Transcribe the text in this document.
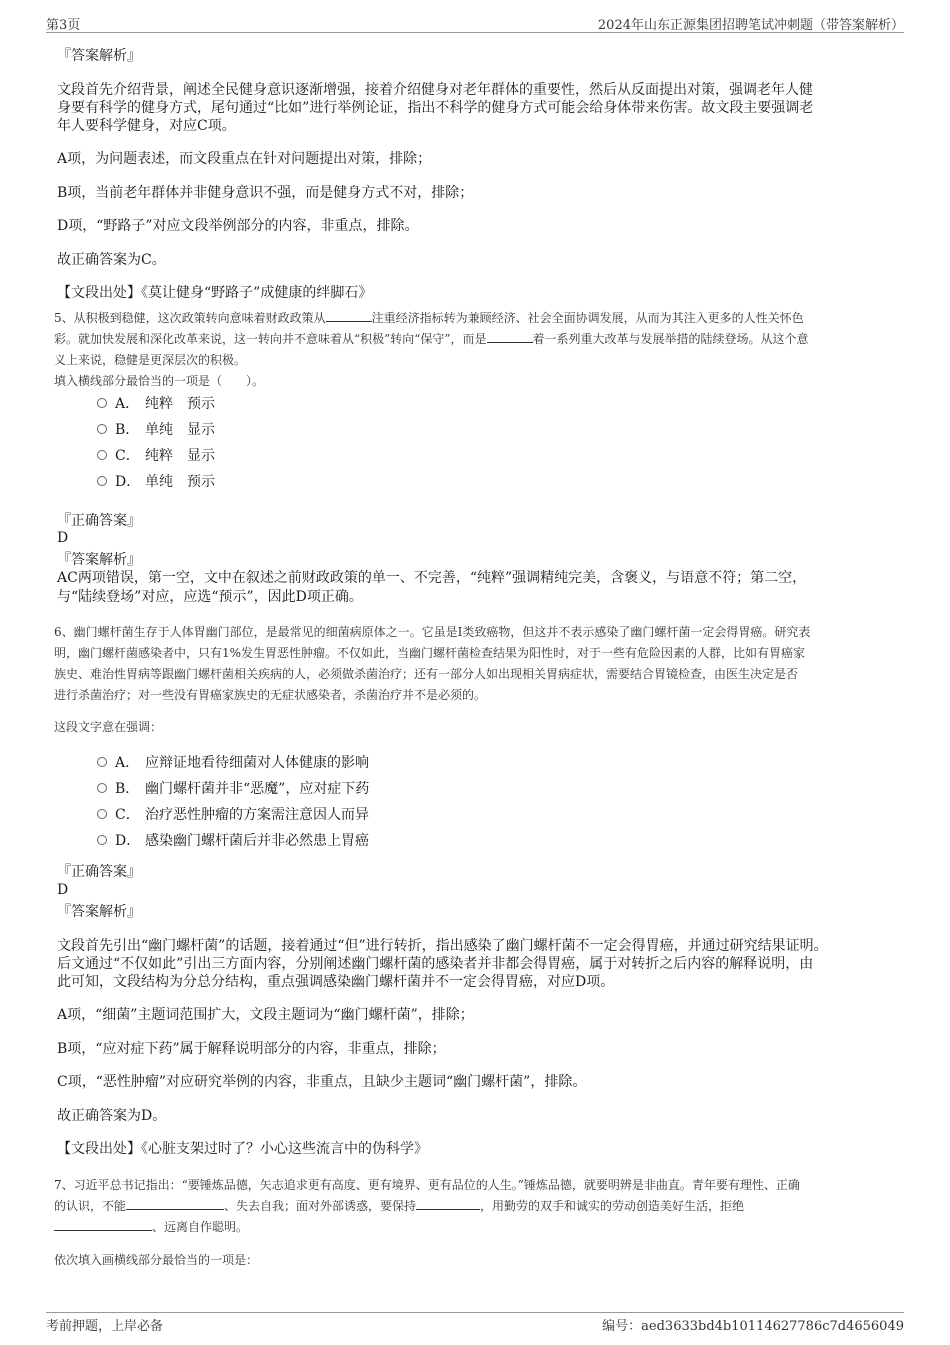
第3页	2024年山东正源集团招聘笔试冲刺题（带答案解析）
『答案解析』
文段首先介绍背景，阐述全民健身意识逐渐增强，接着介绍健身对老年群体的重要性，然后从反面提出对策，强调老年人健
身要有科学的健身方式，尾句通过“比如”进行举例论证，指出不科学的健身方式可能会给身体带来伤害。故文段主要强调老
年人要科学健身，对应C项。
A项，为问题表述，而文段重点在针对问题提出对策，排除；
B项，当前老年群体并非健身意识不强，而是健身方式不对，排除；
D项，“野路子”对应文段举例部分的内容，非重点，排除。
故正确答案为C。
【文段出处】《莫让健身“野路子”成健康的绊脚石》
5、从积极到稳健，这次政策转向意味着财政政策从	注重经济指标转为兼顾经济、社会全面协调发展，从而为其注入更多的人性关怀色
彩。就加快发展和深化改革来说，这一转向并不意味着从“积极”转向“保守”，而是	着一系列重大改革与发展举措的陆续登场。从这个意
义上来说，稳健是更深层次的积极。
填入横线部分最恰当的一项是（　　）。
A． 纯粹　预示
B． 单纯　显示
C． 纯粹　显示
D． 单纯　预示
『正确答案』
D
『答案解析』
AC两项错误，第一空，文中在叙述之前财政政策的单一、不完善，“纯粹”强调精纯完美，含褒义，与语意不符；第二空，
与“陆续登场”对应，应选“预示”，因此D项正确。
6、幽门螺杆菌生存于人体胃幽门部位，是最常见的细菌病原体之一。它虽是Ⅰ类致癌物，但这并不表示感染了幽门螺杆菌一定会得胃癌。研究表
明，幽门螺杆菌感染者中，只有1%发生胃恶性肿瘤。不仅如此，当幽门螺杆菌检查结果为阳性时，对于一些有危险因素的人群，比如有胃癌家
族史、难治性胃病等跟幽门螺杆菌相关疾病的人，必须做杀菌治疗；还有一部分人如出现相关胃病症状，需要结合胃镜检查，由医生决定是否
进行杀菌治疗；对一些没有胃癌家族史的无症状感染者，杀菌治疗并不是必须的。
这段文字意在强调：
A． 应辩证地看待细菌对人体健康的影响
B． 幽门螺杆菌并非“恶魔”，应对症下药
C． 治疗恶性肿瘤的方案需注意因人而异
D． 感染幽门螺杆菌后并非必然患上胃癌
『正确答案』
D
『答案解析』
文段首先引出“幽门螺杆菌”的话题，接着通过“但”进行转折，指出感染了幽门螺杆菌不一定会得胃癌，并通过研究结果证明。
后文通过“不仅如此”引出三方面内容，分别阐述幽门螺杆菌的感染者并非都会得胃癌，属于对转折之后内容的解释说明，由
此可知，文段结构为分总分结构，重点强调感染幽门螺杆菌并不一定会得胃癌，对应D项。
A项，“细菌”主题词范围扩大，文段主题词为“幽门螺杆菌”，排除；
B项，“应对症下药”属于解释说明部分的内容，非重点，排除；
C项，“恶性肿瘤”对应研究举例的内容，非重点，且缺少主题词“幽门螺杆菌”，排除。
故正确答案为D。
【文段出处】《心脏支架过时了？小心这些流言中的伪科学》
7、习近平总书记指出：“要锤炼品德，矢志追求更有高度、更有境界、更有品位的人生。”锤炼品德，就要明辨是非曲直。青年要有理性、正确
的认识，不能	、失去自我；面对外部诱惑，要保持	，用勤劳的双手和诚实的劳动创造美好生活，拒绝
、远离自作聪明。
依次填入画横线部分最恰当的一项是：
考前押题，上岸必备	编号：aed3633bd4b10114627786c7d4656049
